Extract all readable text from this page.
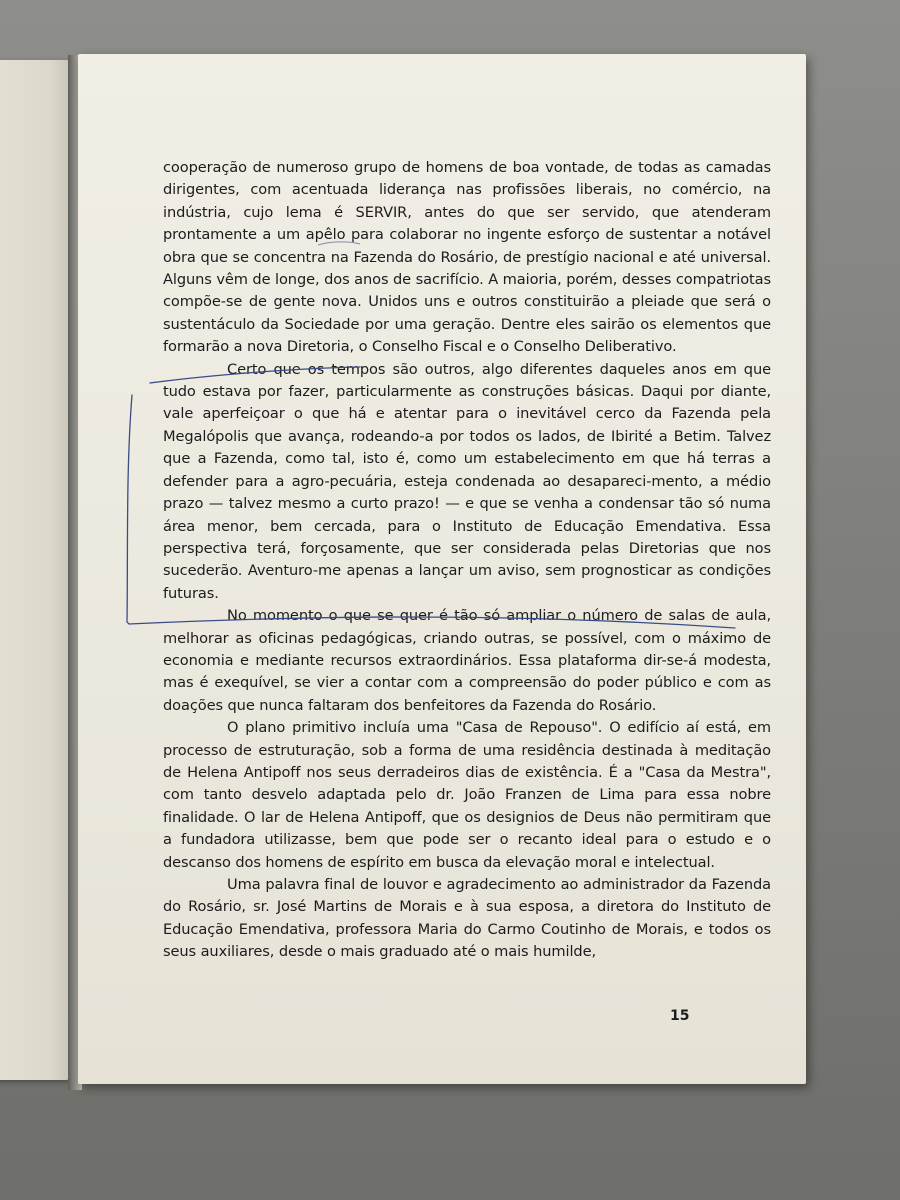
cooperação de numeroso grupo de homens de boa vontade, de todas as camadas dirigentes, com acentuada liderança nas profissões liberais, no comércio, na indústria, cujo lema é SERVIR, antes do que ser servido, que atenderam prontamente a um apêlo para colaborar no ingente esforço de sustentar a notável obra que se concentra na Fazenda do Rosário, de prestígio nacional e até universal. Alguns vêm de longe, dos anos de sacrifício. A maioria, porém, desses compatriotas compõe-se de gente nova. Unidos uns e outros constituirão a pleiade que será o sustentáculo da Sociedade por uma geração. Dentre eles sairão os elementos que formarão a nova Diretoria, o Conselho Fiscal e o Conselho Deliberativo.

Certo que os tempos são outros, algo diferentes daqueles anos em que tudo estava por fazer, particularmente as construções básicas. Daqui por diante, vale aperfeiçoar o que há e atentar para o inevitável cerco da Fazenda pela Megalópolis que avança, rodeando-a por todos os lados, de Ibirité a Betim. Talvez que a Fazenda, como tal, isto é, como um estabelecimento em que há terras a defender para a agro-pecuária, esteja condenada ao desapareci-mento, a médio prazo — talvez mesmo a curto prazo! — e que se venha a condensar tão só numa área menor, bem cercada, para o Instituto de Educação Emendativa. Essa perspectiva terá, forçosamente, que ser considerada pelas Diretorias que nos sucederão. Aventuro-me apenas a lançar um aviso, sem prognosticar as condições futuras.

No momento o que se quer é tão só ampliar o número de salas de aula, melhorar as oficinas pedagógicas, criando outras, se possível, com o máximo de economia e mediante recursos extraordinários. Essa plataforma dir-se-á modesta, mas é exequível, se vier a contar com a compreensão do poder público e com as doações que nunca faltaram dos benfeitores da Fazenda do Rosário.

O plano primitivo incluía uma "Casa de Repouso". O edifício aí está, em processo de estruturação, sob a forma de uma residência destinada à meditação de Helena Antipoff nos seus derradeiros dias de existência. É a "Casa da Mestra", com tanto desvelo adaptada pelo dr. João Franzen de Lima para essa nobre finalidade. O lar de Helena Antipoff, que os designios de Deus não permitiram que a fundadora utilizasse, bem que pode ser o recanto ideal para o estudo e o descanso dos homens de espírito em busca da elevação moral e intelectual.

Uma palavra final de louvor e agradecimento ao administrador da Fazenda do Rosário, sr. José Martins de Morais e à sua esposa, a diretora do Instituto de Educação Emendativa, professora Maria do Carmo Coutinho de Morais, e todos os seus auxiliares, desde o mais graduado até o mais humilde,

15
